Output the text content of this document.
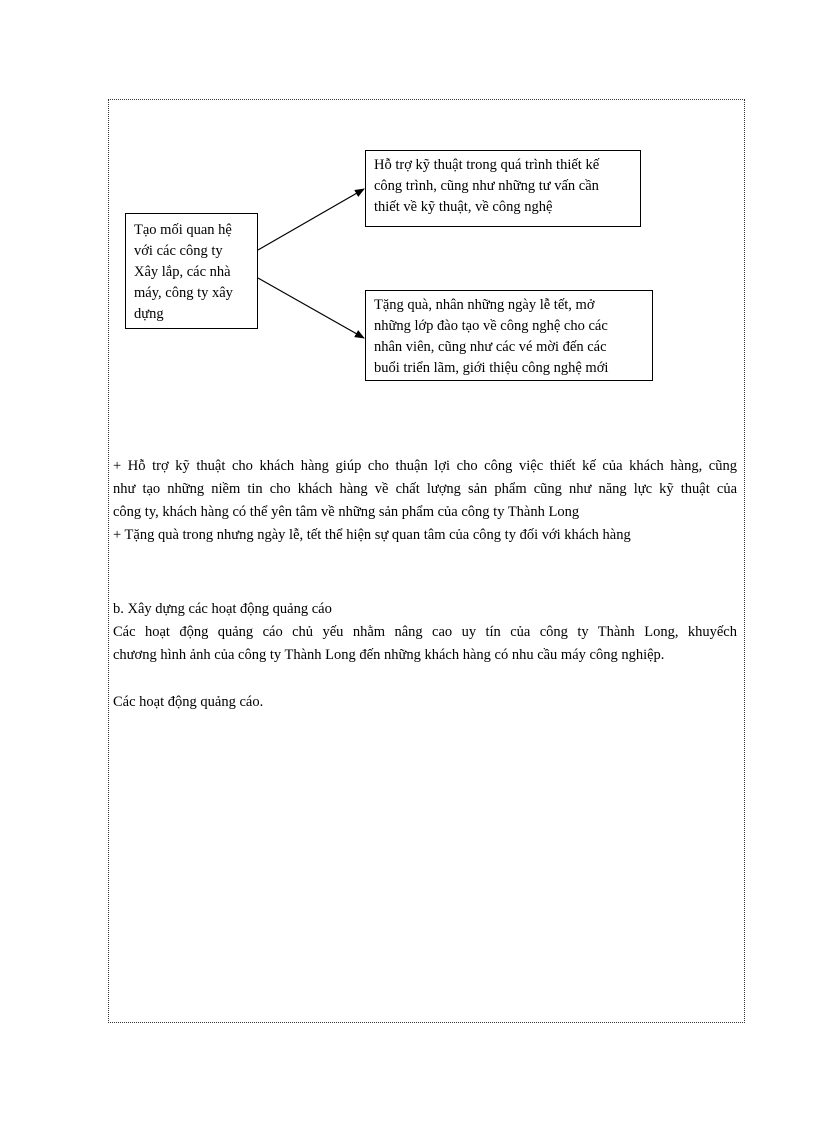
Tạo mối quan hệ
với các công ty
Xây lắp, các nhà
máy, công ty xây
dựng
Hỗ trợ kỹ thuật trong quá trình thiết kế
công trình, cũng như những tư vấn cần
thiết về kỹ thuật, về công nghệ
Tặng quà, nhân những ngày lễ tết, mở
những lớp đào tạo về công nghệ cho các
nhân viên, cũng như các vé mời đến các
buổi triển lãm, giới thiệu công nghệ mới
+ Hỗ trợ kỹ thuật cho khách hàng giúp cho thuận lợi cho công việc thiết kế của khách hàng, cũng
như tạo những niềm tin cho khách hàng về chất lượng sản phẩm cũng như năng lực kỹ thuật của
công ty, khách hàng có thể yên tâm về những sản phẩm của công ty Thành Long
+ Tặng quà trong nhưng ngày lễ, tết thể hiện sự quan tâm của công ty đối với khách hàng
b. Xây dựng các hoạt động quảng cáo
Các hoạt động quảng cáo chủ yếu nhằm nâng cao uy tín của công ty Thành Long, khuyếch
chương hình ảnh của công ty Thành Long đến những khách hàng có nhu cầu máy công nghiệp.
Các hoạt động quảng cáo.
